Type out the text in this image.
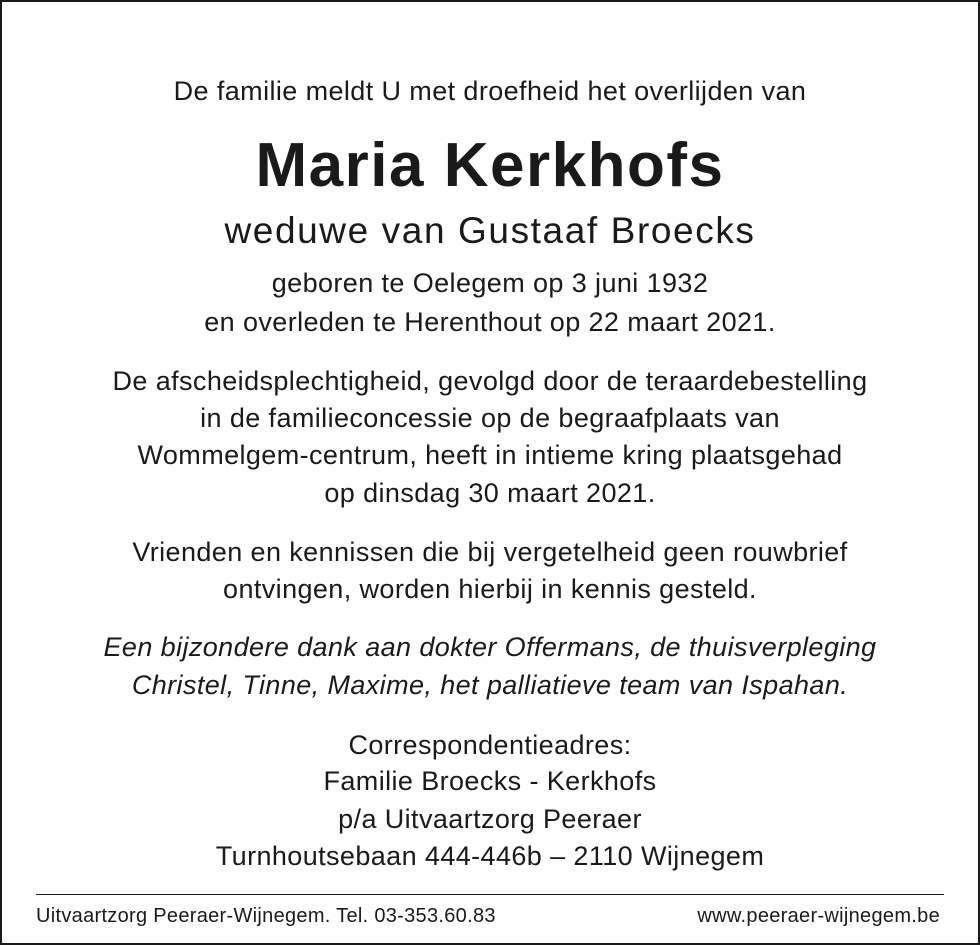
De familie meldt U met droefheid het overlijden van
Maria Kerkhofs
weduwe van Gustaaf Broecks
geboren te Oelegem op 3 juni 1932
en overleden te Herenthout op 22 maart 2021.
De afscheidsplechtigheid, gevolgd door de teraardebestelling
in de familieconcessie op de begraafplaats van
Wommelgem-centrum, heeft in intieme kring plaatsgehad
op dinsdag 30 maart 2021.
Vrienden en kennissen die bij vergetelheid geen rouwbrief
ontvingen, worden hierbij in kennis gesteld.
Een bijzondere dank aan dokter Offermans, de thuisverpleging
Christel, Tinne, Maxime, het palliatieve team van Ispahan.
Correspondentieadres:
Familie Broecks - Kerkhofs
p/a Uitvaartzorg Peeraer
Turnhoutsebaan 444-446b – 2110 Wijnegem
Uitvaartzorg Peeraer-Wijnegem. Tel. 03-353.60.83	www.peeraer-wijnegem.be
